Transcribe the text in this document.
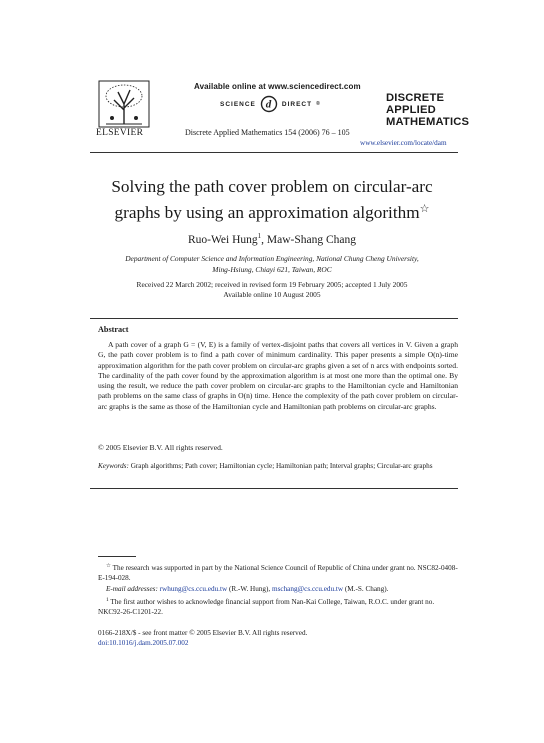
ELSEVIER
Available online at www.sciencedirect.com
SCIENCE d DIRECT ®
Discrete Applied Mathematics 154 (2006) 76 – 105
DISCRETE
APPLIED
MATHEMATICS
www.elsevier.com/locate/dam
Solving the path cover problem on circular-arc
graphs by using an approximation algorithm☆
Ruo-Wei Hung$^1$, Maw-Shang Chang
Department of Computer Science and Information Engineering, National Chung Cheng University,
Ming-Hsiung, Chiayi 621, Taiwan, ROC
Received 22 March 2002; received in revised form 19 February 2005; accepted 1 July 2005
Available online 10 August 2005
Abstract

A path cover of a graph G = (V, E) is a family of vertex-disjoint paths that covers all vertices in V. Given a graph G, the path cover problem is to find a path cover of minimum cardinality. This paper presents a simple O(n)-time approximation algorithm for the path cover problem on circular-arc graphs given a set of n arcs with endpoints sorted. The cardinality of the path cover found by the approximation algorithm is at most one more than the optimal one. By using the result, we reduce the path cover problem on circular-arc graphs to the Hamiltonian cycle and Hamiltonian path problems on the same class of graphs in O(n) time. Hence the complexity of the path cover problem on circular-arc graphs is the same as those of the Hamiltonian cycle and Hamiltonian path problems on circular-arc graphs.

© 2005 Elsevier B.V. All rights reserved.
Keywords: Graph algorithms; Path cover; Hamiltonian cycle; Hamiltonian path; Interval graphs; Circular-arc graphs

☆ The research was supported in part by the National Science Council of Republic of China under grant no. NSC82-0408-E-194-028.

E-mail addresses: rwhung@cs.ccu.edu.tw (R.-W. Hung), mschang@cs.ccu.edu.tw (M.-S. Chang).

$^1$ The first author wishes to acknowledge financial support from Nan-Kai College, Taiwan, R.O.C. under grant no. NKC92-26-C1201-22.

0166-218X/$ - see front matter © 2005 Elsevier B.V. All rights reserved.
doi:10.1016/j.dam.2005.07.002
